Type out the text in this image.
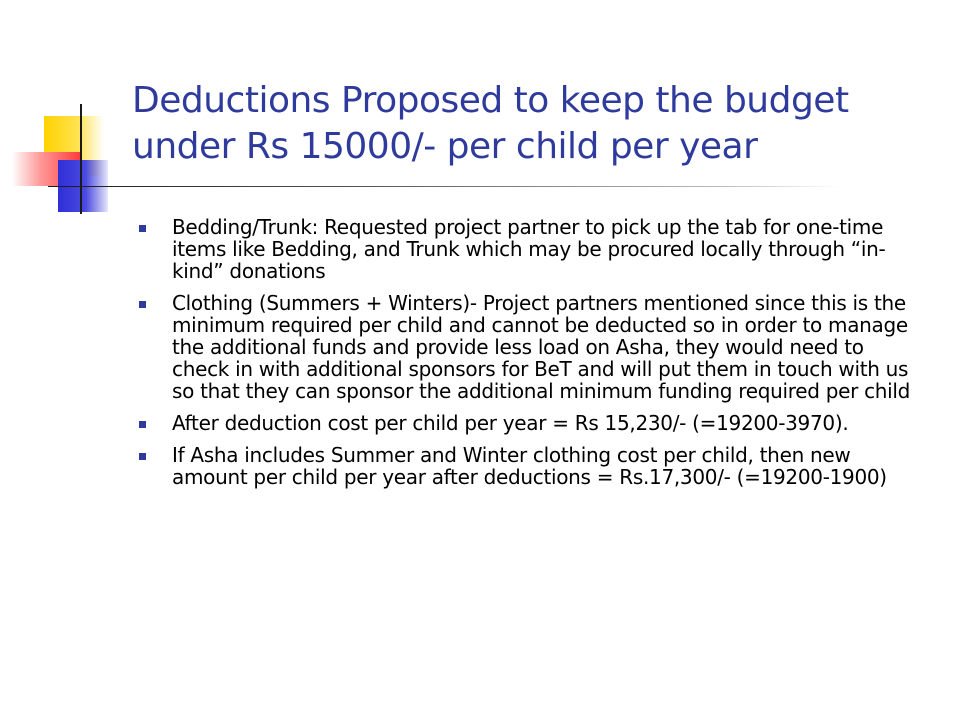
Deductions Proposed to keep the budget under Rs 15000/- per child per year
Bedding/Trunk: Requested project partner to pick up the tab for one-time items like Bedding, and Trunk which may be procured locally through “in-kind” donations
Clothing (Summers + Winters)- Project partners mentioned since this is the minimum required per child and cannot be deducted so in order to manage the additional funds and provide less load on Asha, they would need to check in with additional sponsors for BeT and will put them in touch with us so that they can sponsor the additional minimum funding required per child
After deduction cost per child per year = Rs 15,230/- (=19200-3970).
If Asha includes Summer and Winter clothing cost per child, then new amount per child per year after deductions = Rs.17,300/- (=19200-1900)
